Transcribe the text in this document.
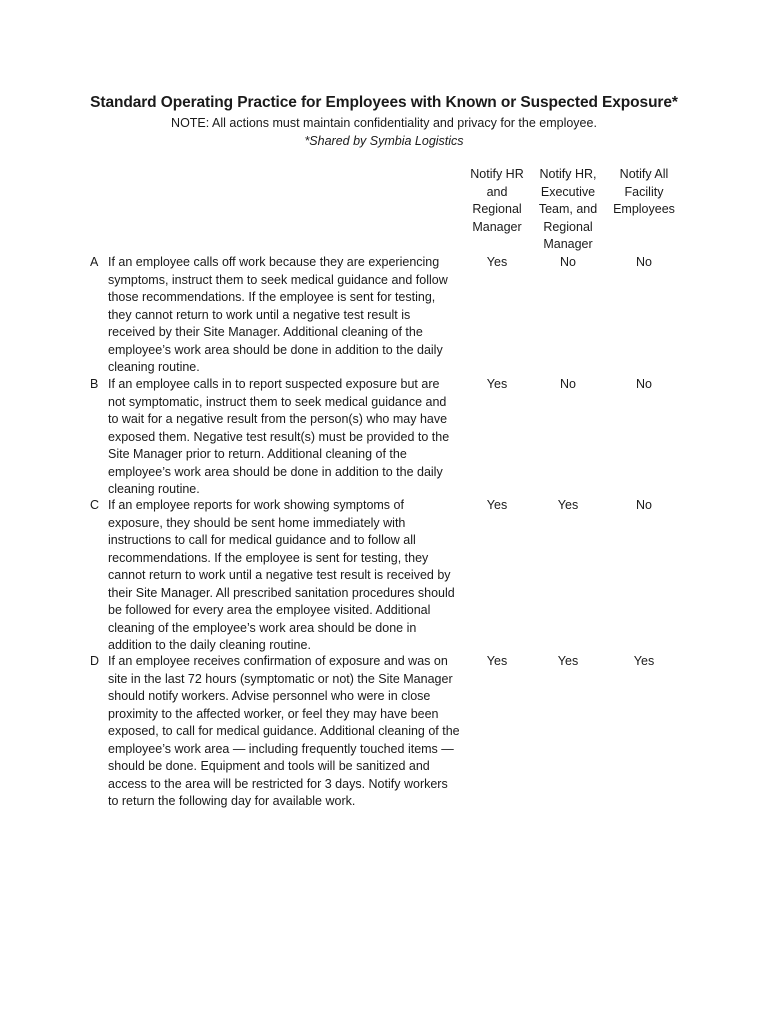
Standard Operating Practice for Employees with Known or Suspected Exposure*
NOTE: All actions must maintain confidentiality and privacy for the employee.
*Shared by Symbia Logistics
Notify HR
and
Regional
Manager
Notify HR,
Executive
Team, and
Regional
Manager
Notify All
Facility
Employees
A If an employee calls off work because they are experiencing symptoms, instruct them to seek medical guidance and follow those recommendations. If the employee is sent for testing, they cannot return to work until a negative test result is received by their Site Manager. Additional cleaning of the employee’s work area should be done in addition to the daily cleaning routine.
Yes	No	No
B If an employee calls in to report suspected exposure but are not symptomatic, instruct them to seek medical guidance and to wait for a negative result from the person(s) who may have exposed them. Negative test result(s) must be provided to the Site Manager prior to return. Additional cleaning of the employee’s work area should be done in addition to the daily cleaning routine.
Yes	No	No
C If an employee reports for work showing symptoms of exposure, they should be sent home immediately with instructions to call for medical guidance and to follow all recommendations. If the employee is sent for testing, they cannot return to work until a negative test result is received by their Site Manager. All prescribed sanitation procedures should be followed for every area the employee visited. Additional cleaning of the employee’s work area should be done in addition to the daily cleaning routine.
Yes	Yes	No
D If an employee receives confirmation of exposure and was on site in the last 72 hours (symptomatic or not) the Site Manager should notify workers. Advise personnel who were in close proximity to the affected worker, or feel they may have been exposed, to call for medical guidance. Additional cleaning of the employee’s work area — including frequently touched items — should be done. Equipment and tools will be sanitized and access to the area will be restricted for 3 days. Notify workers to return the following day for available work.
Yes	Yes	Yes
